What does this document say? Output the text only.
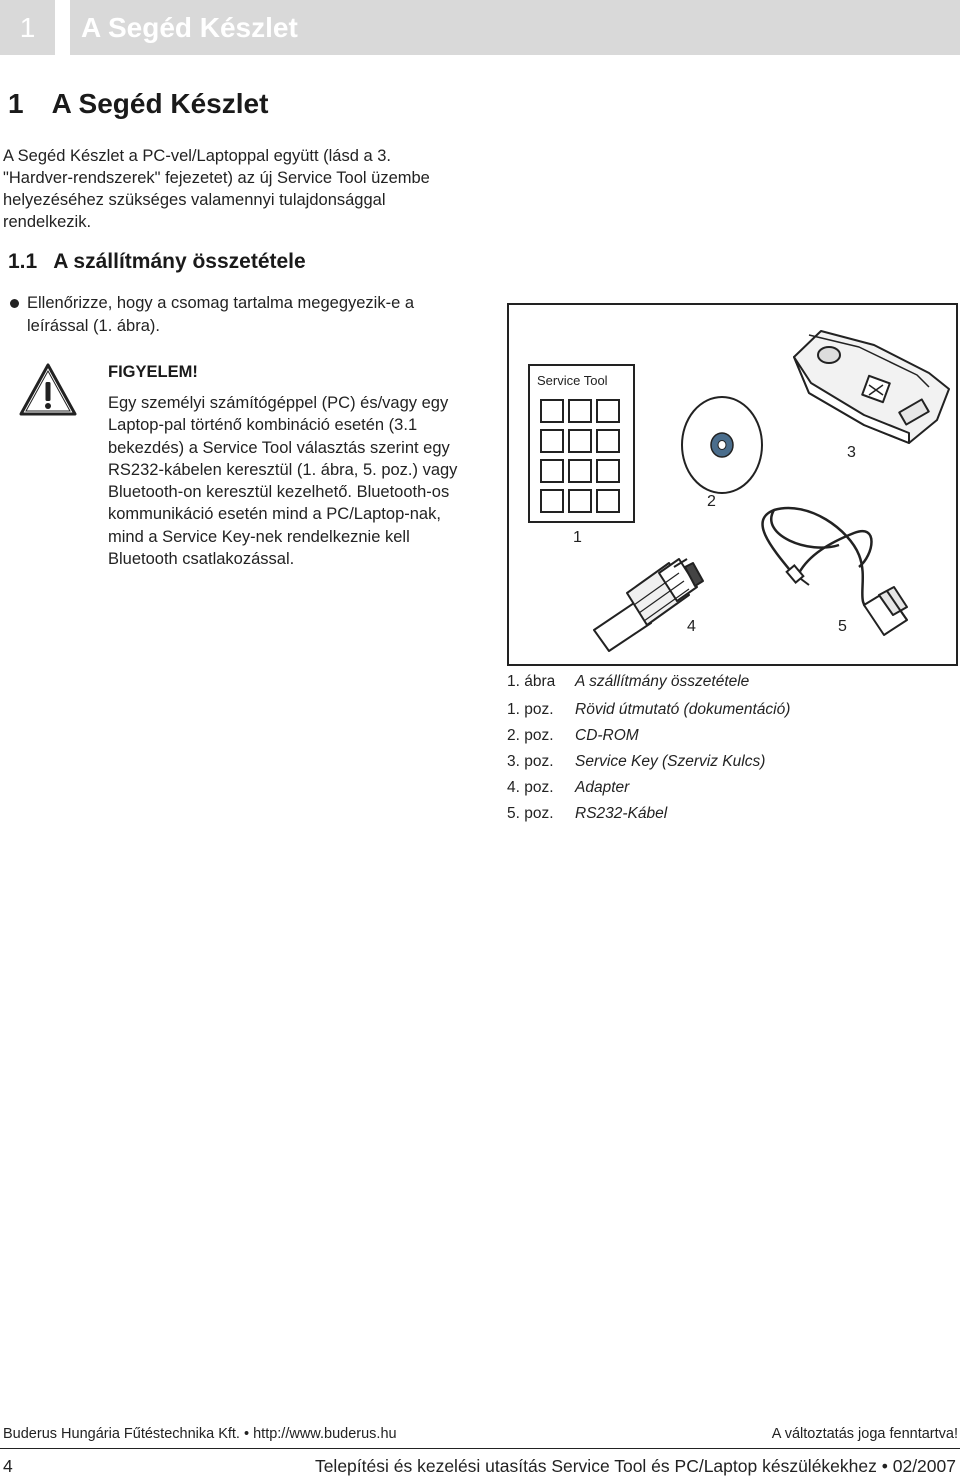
1 A Segéd Készlet
1 A Segéd Készlet
A Segéd Készlet a PC-vel/Laptoppal együtt (lásd a 3. "Hardver-rendszerek" fejezetet) az új Service Tool üzembe helyezéséhez szükséges valamennyi tulajdonsággal rendelkezik.
1.1 A szállítmány összetétele
Ellenőrizze, hogy a csomag tartalma megegyezik-e a leírással (1. ábra).
FIGYELEM!
Egy személyi számítógéppel (PC) és/vagy egy Laptop-pal történő kombináció esetén (3.1 bekezdés) a Service Tool választás szerint egy RS232-kábelen keresztül (1. ábra, 5. poz.) vagy Bluetooth-on keresztül kezelhető. Bluetooth-os kommunikáció esetén mind a PC/Laptop-nak, mind a Service Key-nek rendelkeznie kell Bluetooth csatlakozással.
Service Tool
1
2
3
4	5
1. ábra A szállítmány összetétele
1. poz. Rövid útmutató (dokumentáció)
2. poz. CD-ROM
3. poz. Service Key (Szerviz Kulcs)
4. poz. Adapter
5. poz. RS232-Kábel
Buderus Hungária Fűtéstechnika Kft. • http://www.buderus.hu	A változtatás joga fenntartva!
4	Telepítési és kezelési utasítás Service Tool és PC/Laptop készülékekhez • 02/2007
